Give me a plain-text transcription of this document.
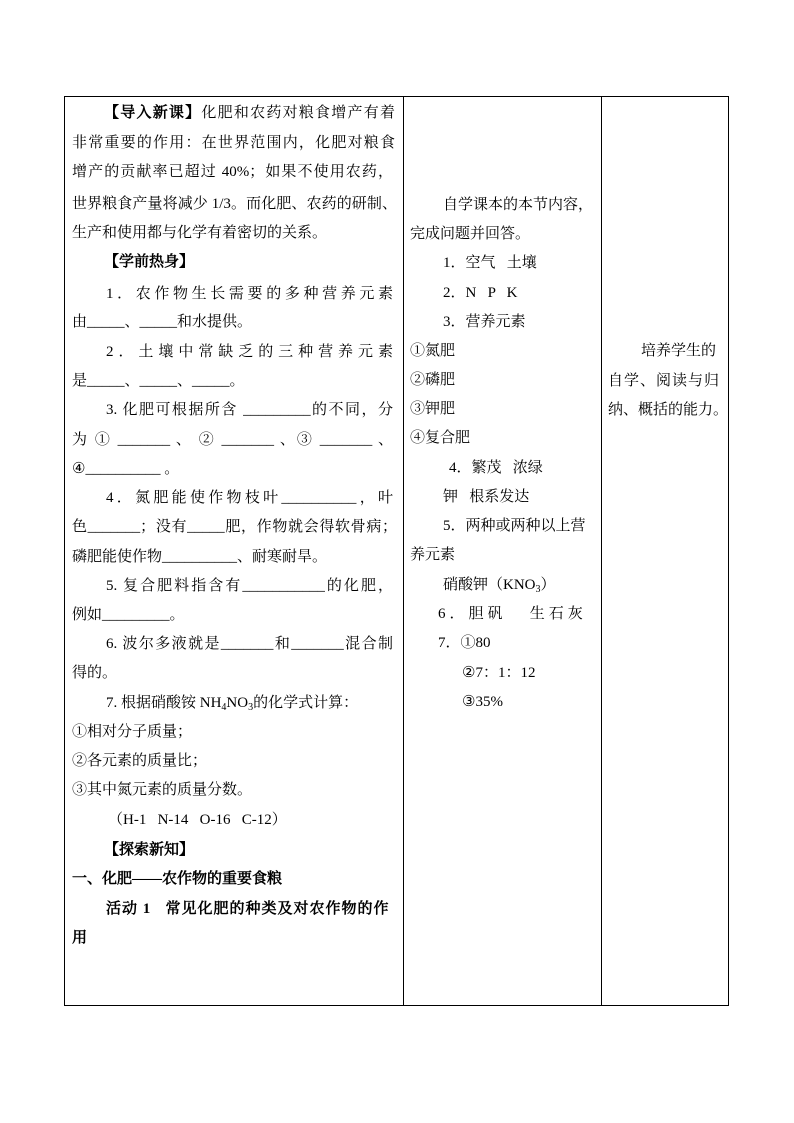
【导入新课】化肥和农药对粮食增产有着
非常重要的作用：在世界范围内，化肥对粮食
增产的贡献率已超过 40%；如果不使用农药，
世界粮食产量将减少 1/3。而化肥、农药的研制、
生产和使用都与化学有着密切的关系。
【学前热身】
1．农作物生长需要的多种营养元素
由_____、_____和水提供。
2．土壤中常缺乏的三种营养元素
是_____、_____、_____。
3. 化肥可根据所含 _________的不同，分
为 ① _______ 、 ② _______ 、③ _______ 、
④__________ 。
4．氮肥能使作物枝叶__________，叶
色_______；没有_____肥，作物就会得软骨病；
磷肥能使作物__________、耐寒耐旱。
5. 复合肥料指含有___________的化肥，
例如_________。
6. 波尔多液就是_______和_______混合制
得的。
7. 根据硝酸铵 $NH_4NO_3$的化学式计算：
①相对分子质量；
②各元素的质量比；
③其中氮元素的质量分数。
（H-1   N-14   O-16   C-12）
【探索新知】
一、化肥——农作物的重要食粮
活动 1   常见化肥的种类及对农作物的作
用
自学课本的本节内容，
完成问题并回答。
1．空气   土壤
2．N   P   K
3．营养元素
①氮肥
②磷肥
③钾肥
④复合肥
4．繁茂   浓绿
钾   根系发达
5．两种或两种以上营
养元素
硝酸钾$(KNO_3)$
6．胆矾   生石灰
7．①80
②7：1：12
③35%
培养学生的
自学、阅读与归
纳、概括的能力。
